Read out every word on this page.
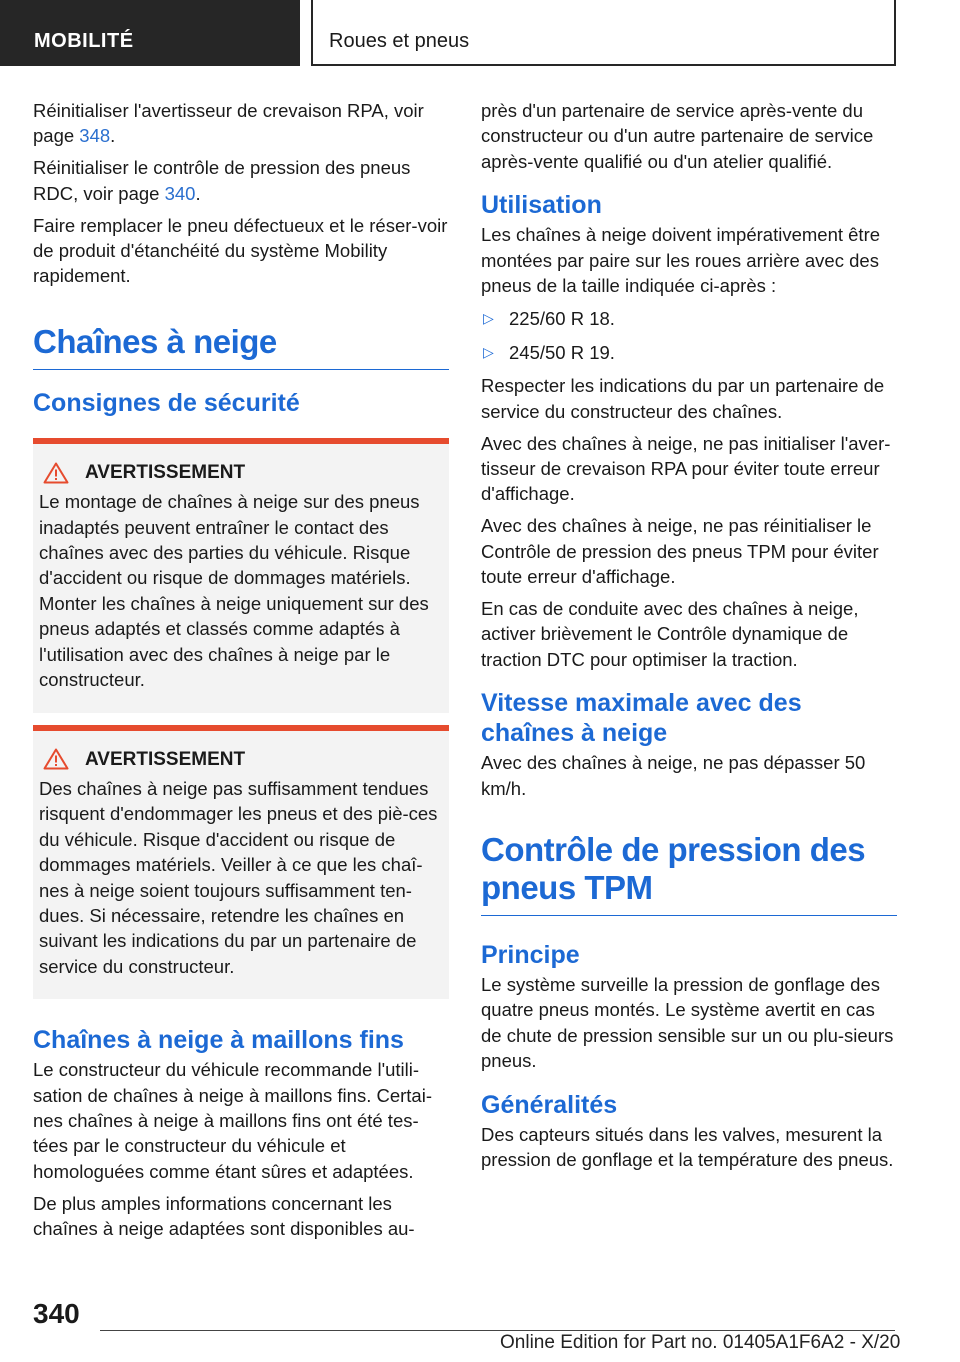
MOBILITÉ	Roues et pneus

Réinitialiser l'avertisseur de crevaison RPA, voir page 348.

Réinitialiser le contrôle de pression des pneus RDC, voir page 340.

Faire remplacer le pneu défectueux et le réser-voir de produit d'étanchéité du système Mobility rapidement.

Chaînes à neige
Consignes de sécurité
AVERTISSEMENT
Le montage de chaînes à neige sur des pneus inadaptés peuvent entraîner le contact des chaînes avec des parties du véhicule. Risque d'accident ou risque de dommages matériels. Monter les chaînes à neige uniquement sur des pneus adaptés et classés comme adaptés à l'utilisation avec des chaînes à neige par le constructeur.
AVERTISSEMENT
Des chaînes à neige pas suffisamment tendues risquent d'endommager les pneus et des piè-ces du véhicule. Risque d'accident ou risque de dommages matériels. Veiller à ce que les chaî-nes à neige soient toujours suffisamment ten-dues. Si nécessaire, retendre les chaînes en suivant les indications du par un partenaire de service du constructeur.
Chaînes à neige à maillons fins

Le constructeur du véhicule recommande l'utili-sation de chaînes à neige à maillons fins. Certai-nes chaînes à neige à maillons fins ont été tes-tées par le constructeur du véhicule et homologuées comme étant sûres et adaptées.

De plus amples informations concernant les chaînes à neige adaptées sont disponibles au-

près d'un partenaire de service après-vente du constructeur ou d'un autre partenaire de service après-vente qualifié ou d'un atelier qualifié.

Utilisation

Les chaînes à neige doivent impérativement être montées par paire sur les roues arrière avec des pneus de la taille indiquée ci-après :

▷ 225/60 R 18.
▷ 245/50 R 19.

Respecter les indications du par un partenaire de service du constructeur des chaînes.

Avec des chaînes à neige, ne pas initialiser l'aver-tisseur de crevaison RPA pour éviter toute erreur d'affichage.

Avec des chaînes à neige, ne pas réinitialiser le Contrôle de pression des pneus TPM pour éviter toute erreur d'affichage.

En cas de conduite avec des chaînes à neige, activer brièvement le Contrôle dynamique de traction DTC pour optimiser la traction.

Vitesse maximale avec des chaînes à neige

Avec des chaînes à neige, ne pas dépasser 50 km/h.

Contrôle de pression des pneus TPM
Principe

Le système surveille la pression de gonflage des quatre pneus montés. Le système avertit en cas de chute de pression sensible sur un ou plu-sieurs pneus.

Généralités

Des capteurs situés dans les valves, mesurent la pression de gonflage et la température des pneus.

340
Online Edition for Part no. 01405A1F6A2 - X/20
